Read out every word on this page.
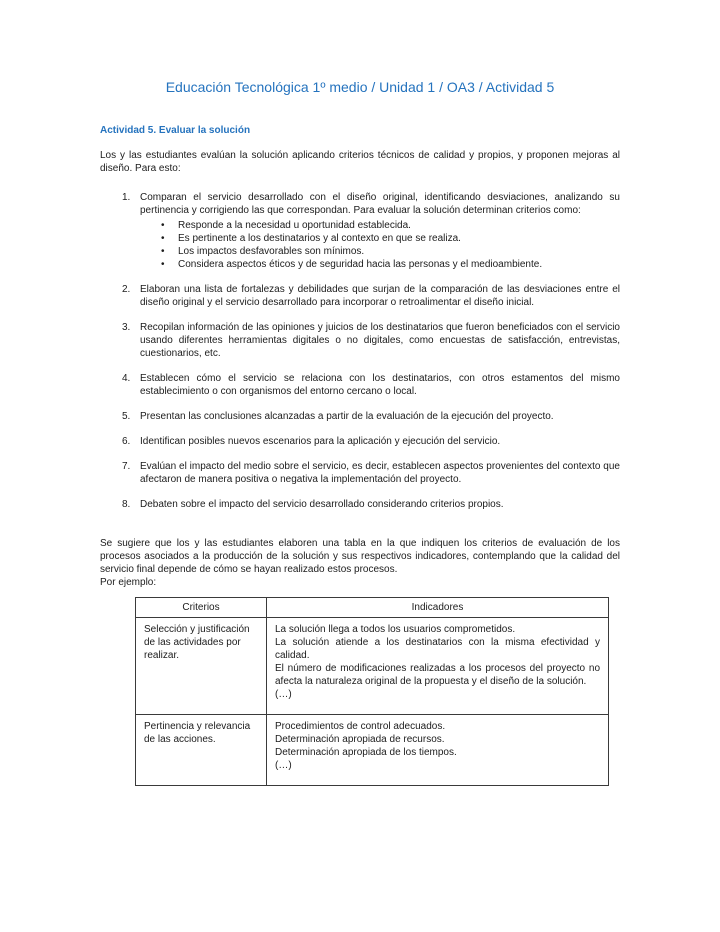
Educación Tecnológica 1º medio / Unidad 1 / OA3 / Actividad 5
Actividad 5. Evaluar la solución

Los y las estudiantes evalúan la solución aplicando criterios técnicos de calidad y propios, y proponen mejoras al diseño. Para esto:

1. Comparan el servicio desarrollado con el diseño original, identificando desviaciones, analizando su pertinencia y corrigiendo las que correspondan. Para evaluar la solución determinan criterios como:
•
Responde a la necesidad u oportunidad establecida.
•
Es pertinente a los destinatarios y al contexto en que se realiza.
•
Los impactos desfavorables son mínimos.
•
Considera aspectos éticos y de seguridad hacia las personas y el medioambiente.
2. Elaboran una lista de fortalezas y debilidades que surjan de la comparación de las desviaciones entre el diseño original y el servicio desarrollado para incorporar o retroalimentar el diseño inicial.
3. Recopilan información de las opiniones y juicios de los destinatarios que fueron beneficiados con el servicio usando diferentes herramientas digitales o no digitales, como encuestas de satisfacción, entrevistas, cuestionarios, etc.
4. Establecen cómo el servicio se relaciona con los destinatarios, con otros estamentos del mismo establecimiento o con organismos del entorno cercano o local.
5. Presentan las conclusiones alcanzadas a partir de la evaluación de la ejecución del proyecto.
6. Identifican posibles nuevos escenarios para la aplicación y ejecución del servicio.
7. Evalúan el impacto del medio sobre el servicio, es decir, establecen aspectos provenientes del contexto que afectaron de manera positiva o negativa la implementación del proyecto.
8. Debaten sobre el impacto del servicio desarrollado considerando criterios propios.

Se sugiere que los y las estudiantes elaboren una tabla en la que indiquen los criterios de evaluación de los procesos asociados a la producción de la solución y sus respectivos indicadores, contemplando que la calidad del servicio final depende de cómo se hayan realizado estos procesos.

Por ejemplo:

Criterios	Indicadores
Selección y justificación de las actividades por realizar.	La solución llega a todos los usuarios comprometidos.
La solución atiende a los destinatarios con la misma efectividad y calidad.
El número de modificaciones realizadas a los procesos del proyecto no afecta la naturaleza original de la propuesta y el diseño de la solución.
(…)

Pertinencia y relevancia de las acciones.	Procedimientos de control adecuados.
Determinación apropiada de recursos.
Determinación apropiada de los tiempos.
(…)
